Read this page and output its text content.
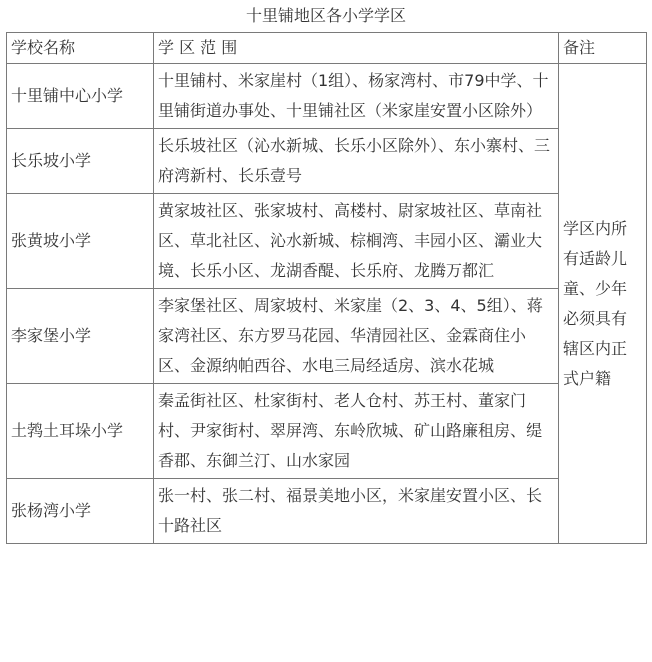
十里铺地区各小学学区
学校名称	学 区 范 围	备注
十里铺中心小学	十里铺村、米家崖村（1组）、杨家湾村、市79中学、十里铺街道办事处、十里铺社区（米家崖安置小区除外）	学区内所有适龄儿童、少年必须具有辖区内正式户籍
长乐坡小学	长乐坡社区（沁水新城、长乐小区除外）、东小寨村、三府湾新村、长乐壹号	
张黄坡小学	黄家坡社区、张家坡村、高楼村、尉家坡社区、草南社区、草北社区、沁水新城、棕榈湾、丰园小区、灞业大境、长乐小区、龙湖香醍、长乐府、龙腾万都汇	
李家堡小学	李家堡社区、周家坡村、米家崖（2、3、4、5组）、蒋家湾社区、东方罗马花园、华清园社区、金霖商住小区、金源纳帕西谷、水电三局经适房、滨水花城	
土鹁土耳垛小学	秦孟街社区、杜家街村、老人仓村、苏王村、董家门村、尹家街村、翠屏湾、东岭欣城、矿山路廉租房、缇香郡、东御兰汀、山水家园	
张杨湾小学	张一村、张二村、福景美地小区，米家崖安置小区、长十路社区	
